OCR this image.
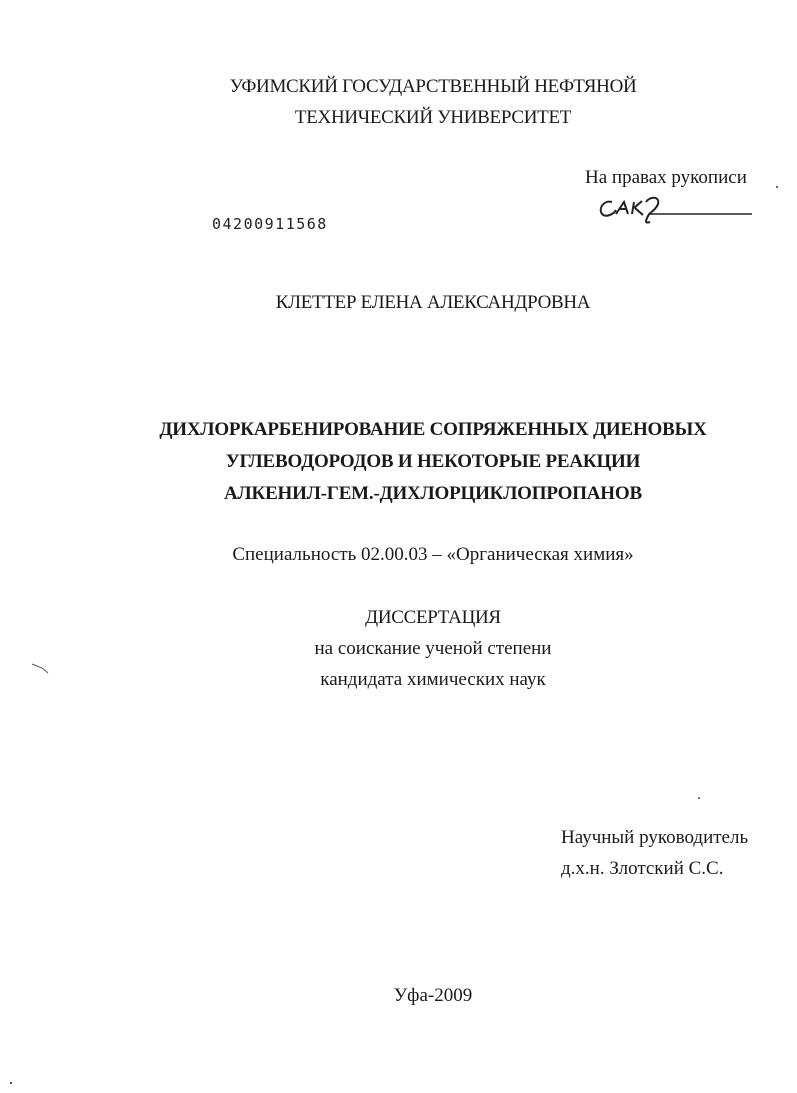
УФИМСКИЙ ГОСУДАРСТВЕННЫЙ НЕФТЯНОЙ
ТЕХНИЧЕСКИЙ УНИВЕРСИТЕТ
На правах рукописи
04200911568
КЛЕТТЕР ЕЛЕНА АЛЕКСАНДРОВНА
ДИХЛОРКАРБЕНИРОВАНИЕ СОПРЯЖЕННЫХ ДИЕНОВЫХ
УГЛЕВОДОРОДОВ И НЕКОТОРЫЕ РЕАКЦИИ
АЛКЕНИЛ-ГЕМ.-ДИХЛОРЦИКЛОПРОПАНОВ
Специальность 02.00.03 – «Органическая химия»
ДИССЕРТАЦИЯ
на соискание ученой степени
кандидата химических наук
Научный руководитель
д.х.н. Злотский С.С.
Уфа-2009
